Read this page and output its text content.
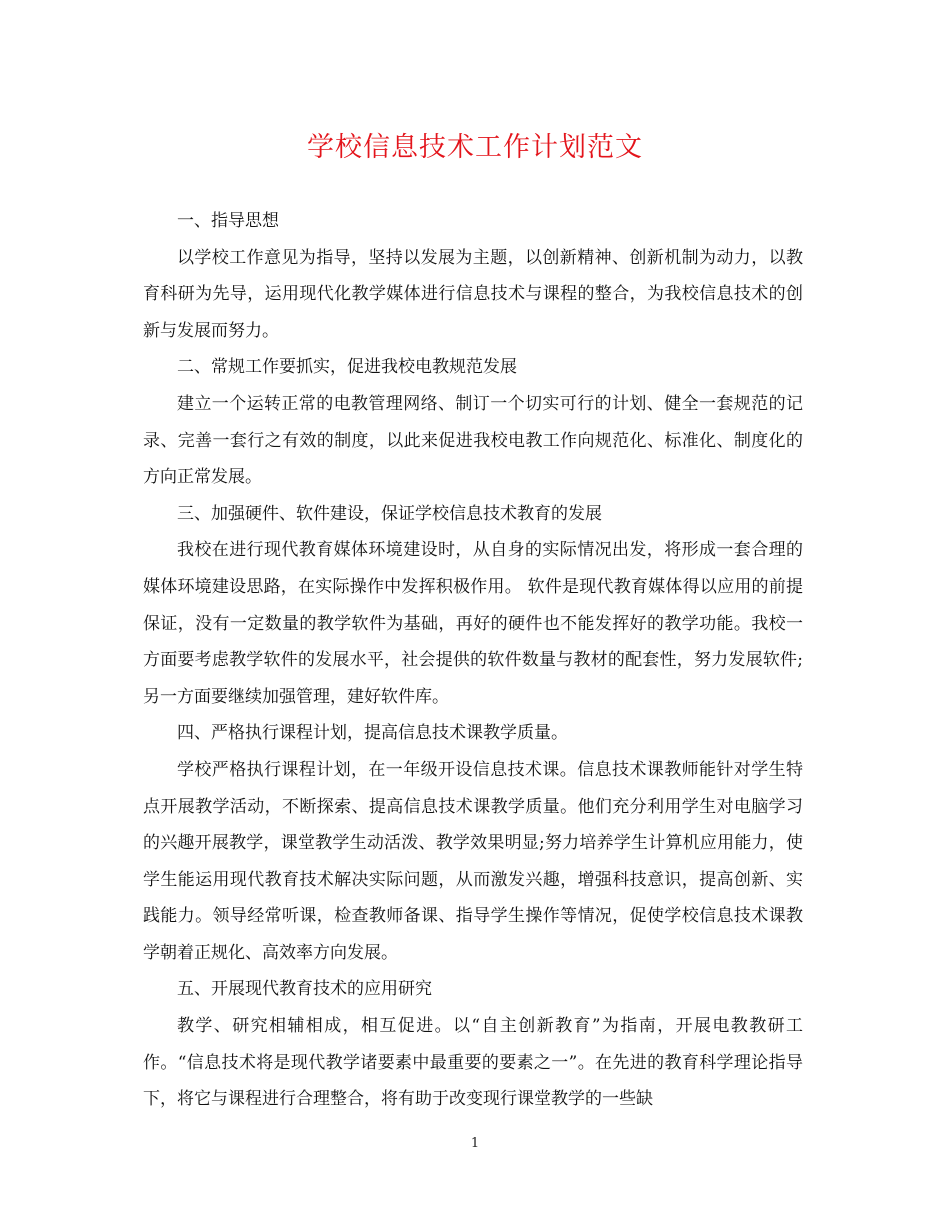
学校信息技术工作计划范文

一、指导思想

以学校工作意见为指导，坚持以发展为主题，以创新精神、创新机制为动力，以教育科研为先导，运用现代化教学媒体进行信息技术与课程的整合，为我校信息技术的创新与发展而努力。

二、常规工作要抓实，促进我校电教规范发展

建立一个运转正常的电教管理网络、制订一个切实可行的计划、健全一套规范的记录、完善一套行之有效的制度，以此来促进我校电教工作向规范化、标准化、制度化的方向正常发展。

三、加强硬件、软件建设，保证学校信息技术教育的发展

我校在进行现代教育媒体环境建设时，从自身的实际情况出发，将形成一套合理的媒体环境建设思路，在实际操作中发挥积极作用。 软件是现代教育媒体得以应用的前提保证，没有一定数量的教学软件为基础，再好的硬件也不能发挥好的教学功能。我校一方面要考虑教学软件的发展水平，社会提供的软件数量与教材的配套性，努力发展软件;另一方面要继续加强管理，建好软件库。

四、严格执行课程计划，提高信息技术课教学质量。

学校严格执行课程计划，在一年级开设信息技术课。信息技术课教师能针对学生特点开展教学活动，不断探索、提高信息技术课教学质量。他们充分利用学生对电脑学习的兴趣开展教学，课堂教学生动活泼、教学效果明显;努力培养学生计算机应用能力，使学生能运用现代教育技术解决实际问题，从而激发兴趣，增强科技意识，提高创新、实践能力。领导经常听课，检查教师备课、指导学生操作等情况，促使学校信息技术课教学朝着正规化、高效率方向发展。

五、开展现代教育技术的应用研究

教学、研究相辅相成，相互促进。以“自主创新教育”为指南，开展电教教研工作。“信息技术将是现代教学诸要素中最重要的要素之一”。在先进的教育科学理论指导下，将它与课程进行合理整合，将有助于改变现行课堂教学的一些缺

1
